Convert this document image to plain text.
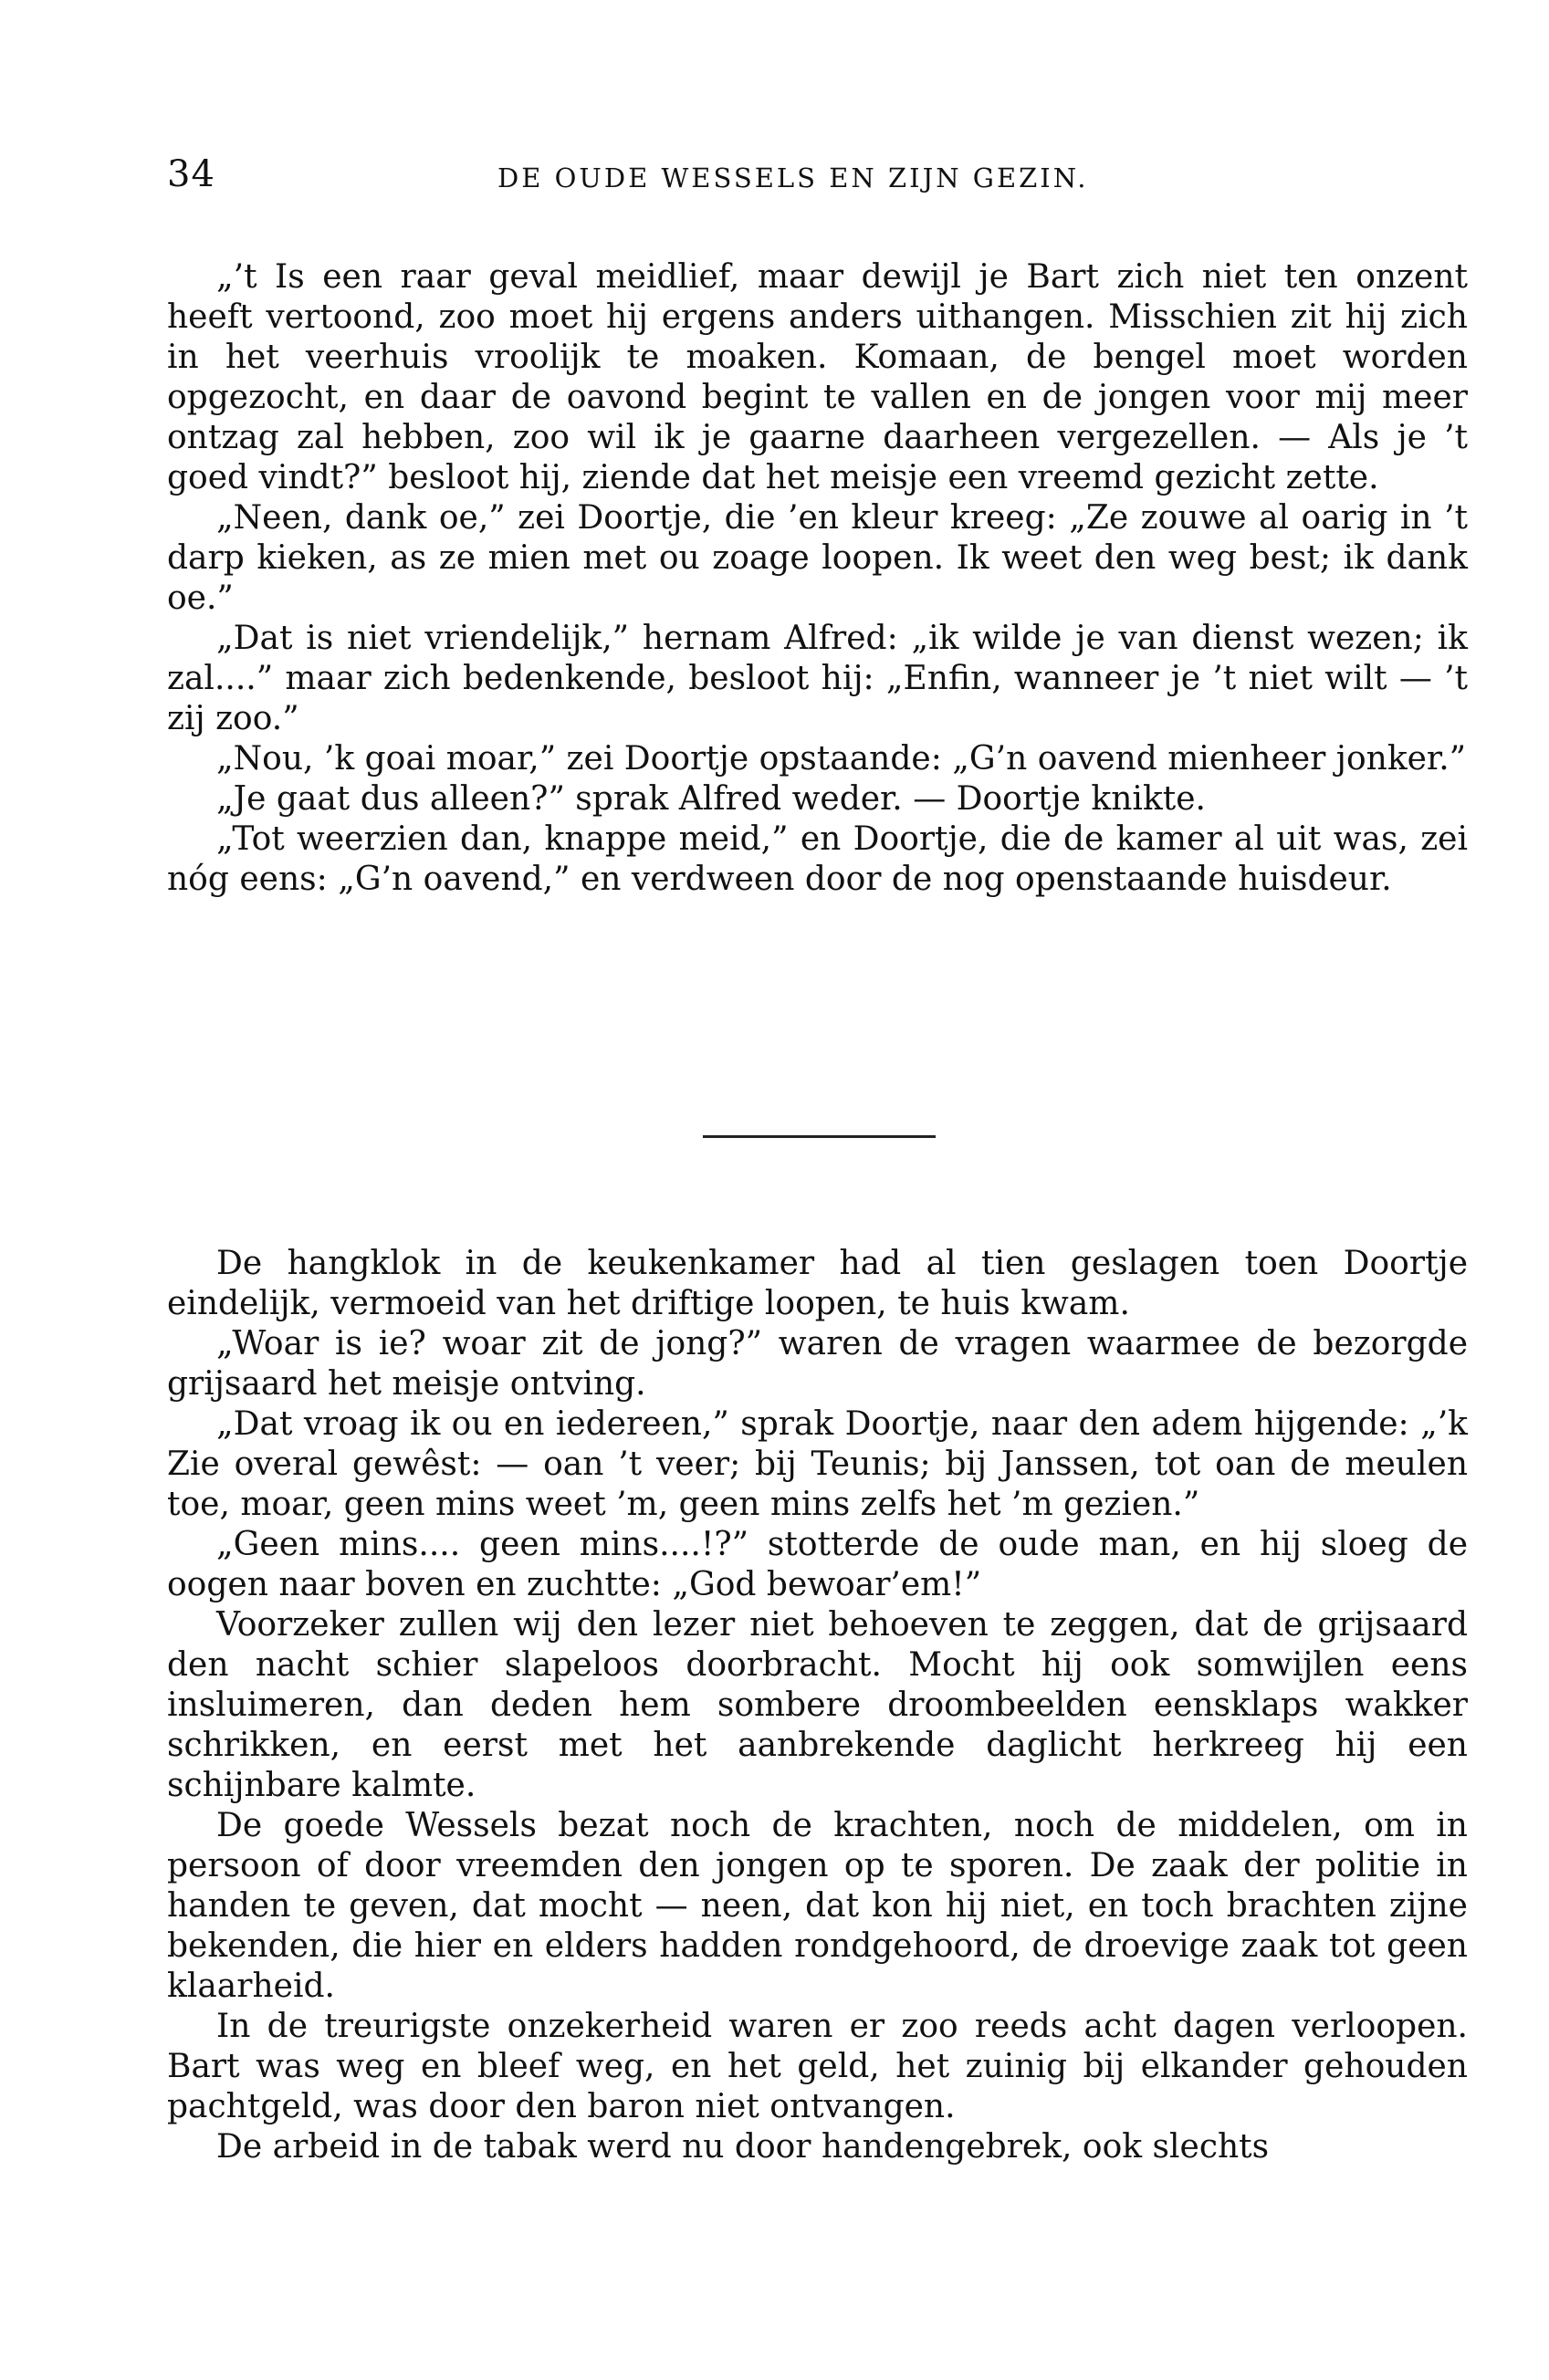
34	DE OUDE WESSELS EN ZIJN GEZIN.

„’t Is een raar geval meidlief, maar dewijl je Bart zich niet ten onzent heeft vertoond, zoo moet hij ergens anders uithangen. Misschien zit hij zich in het veerhuis vroolijk te moaken. Komaan, de bengel moet worden opgezocht, en daar de oavond begint te vallen en de jongen voor mij meer ontzag zal hebben, zoo wil ik je gaarne daarheen vergezellen. — Als je ’t goed vindt?” besloot hij, ziende dat het meisje een vreemd gezicht zette.

„Neen, dank oe,” zei Doortje, die ’en kleur kreeg: „Ze zouwe al oarig in ’t darp kieken, as ze mien met ou zoage loopen. Ik weet den weg best; ik dank oe.”

„Dat is niet vriendelijk,” hernam Alfred: „ik wilde je van dienst wezen; ik zal....” maar zich bedenkende, besloot hij: „Enfin, wanneer je ’t niet wilt — ’t zij zoo.”

„Nou, ’k goai moar,” zei Doortje opstaande: „G’n oavend mienheer jonker.”

„Je gaat dus alleen?” sprak Alfred weder. — Doortje knikte.

„Tot weerzien dan, knappe meid,” en Doortje, die de kamer al uit was, zei nóg eens: „G’n oavend,” en verdween door de nog openstaande huisdeur.

De hangklok in de keukenkamer had al tien geslagen toen Doortje eindelijk, vermoeid van het driftige loopen, te huis kwam.

„Woar is ie? woar zit de jong?” waren de vragen waarmee de bezorgde grijsaard het meisje ontving.

„Dat vroag ik ou en iedereen,” sprak Doortje, naar den adem hijgende: „’k Zie overal gewêst: — oan ’t veer; bij Teunis; bij Janssen, tot oan de meulen toe, moar, geen mins weet ’m, geen mins zelfs het ’m gezien.”

„Geen mins.... geen mins....!?” stotterde de oude man, en hij sloeg de oogen naar boven en zuchtte: „God bewoar’em!”

Voorzeker zullen wij den lezer niet behoeven te zeggen, dat de grijsaard den nacht schier slapeloos doorbracht. Mocht hij ook somwijlen eens insluimeren, dan deden hem sombere droombeelden eensklaps wakker schrikken, en eerst met het aanbrekende daglicht herkreeg hij een schijnbare kalmte.

De goede Wessels bezat noch de krachten, noch de middelen, om in persoon of door vreemden den jongen op te sporen. De zaak der politie in handen te geven, dat mocht — neen, dat kon hij niet, en toch brachten zijne bekenden, die hier en elders hadden rondgehoord, de droevige zaak tot geen klaarheid.

In de treurigste onzekerheid waren er zoo reeds acht dagen verloopen. Bart was weg en bleef weg, en het geld, het zuinig bij elkander gehouden pachtgeld, was door den baron niet ontvangen.

De arbeid in de tabak werd nu door handengebrek, ook slechts
